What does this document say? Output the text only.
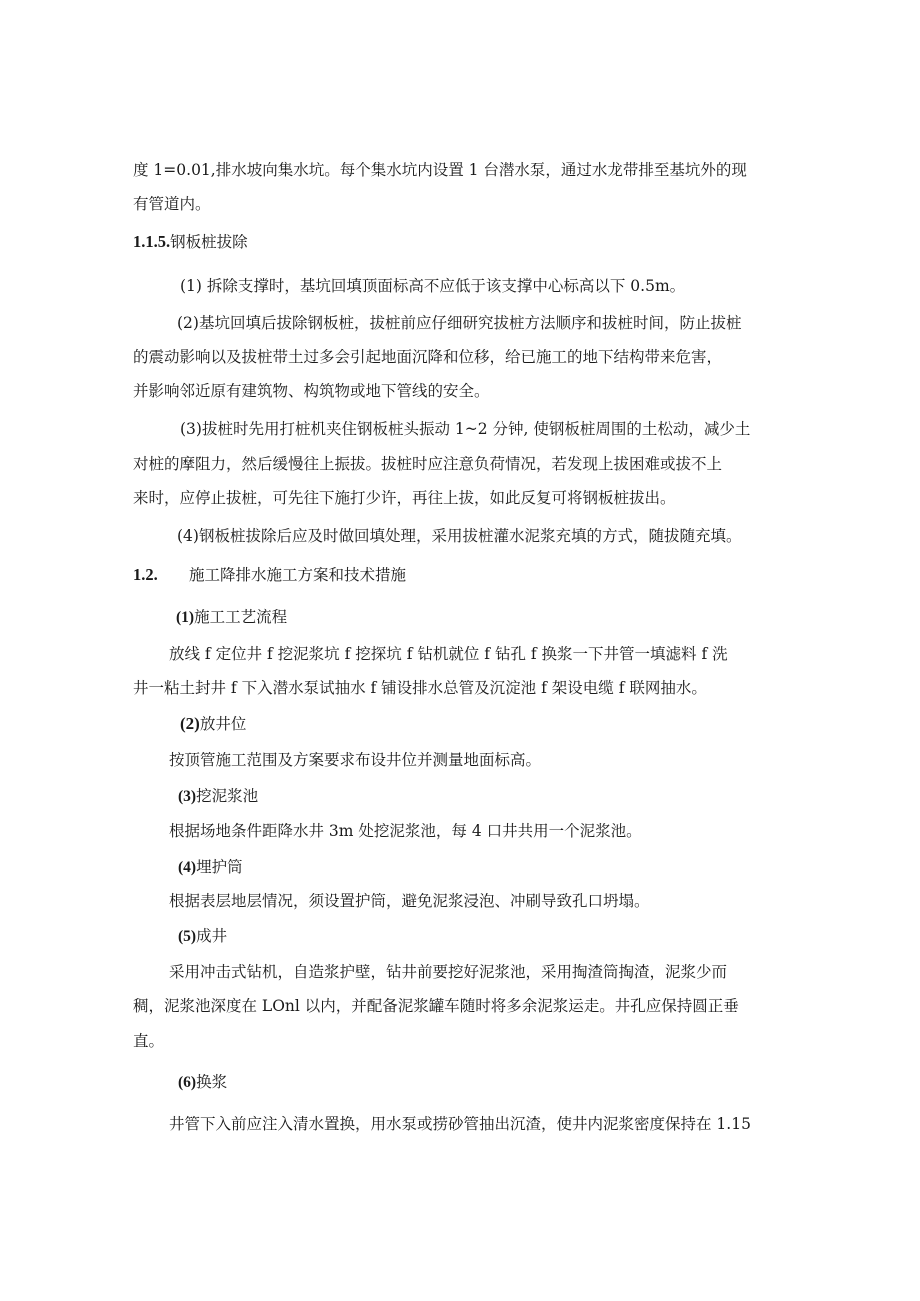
度 1=0.01,排水坡向集水坑。每个集水坑内设置 1 台潜水泵，通过水龙带排至基坑外的现
有管道内。
1.1.5.钢板桩拔除
(1) 拆除支撑时，基坑回填顶面标高不应低于该支撑中心标高以下 0.5m。
(2)基坑回填后拔除钢板桩，拔桩前应仔细研究拔桩方法顺序和拔桩时间，防止拔桩
的震动影响以及拔桩带土过多会引起地面沉降和位移，给已施工的地下结构带来危害，
并影响邻近原有建筑物、构筑物或地下管线的安全。
(3)拔桩时先用打桩机夹住钢板桩头振动 1~2 分钟, 使钢板桩周围的土松动，减少土
对桩的摩阻力，然后缓慢往上振拔。拔桩时应注意负荷情况，若发现上拔困难或拔不上
来时，应停止拔桩，可先往下施打少许，再往上拔，如此反复可将钢板桩拔出。
(4)钢板桩拔除后应及时做回填处理，采用拔桩灌水泥浆充填的方式，随拔随充填。
1.2. 施工降排水施工方案和技术措施
(1)施工工艺流程
放线 f 定位井 f 挖泥浆坑 f 挖探坑 f 钻机就位 f 钻孔 f 换浆一下井管一填滤料 f 洗
井一粘土封井 f 下入潜水泵试抽水 f 铺设排水总管及沉淀池 f 架设电缆 f 联网抽水。
(2)放井位
按顶管施工范围及方案要求布设井位并测量地面标高。
(3)挖泥浆池
根据场地条件距降水井 3m 处挖泥浆池，每 4 口井共用一个泥浆池。
(4)埋护筒
根据表层地层情况，须设置护筒，避免泥浆浸泡、冲刷导致孔口坍塌。
(5)成井
采用冲击式钻机，自造浆护壁，钻井前要挖好泥浆池，采用掏渣筒掏渣，泥浆少而
稠，泥浆池深度在 LOnl 以内，并配备泥浆罐车随时将多余泥浆运走。井孔应保持圆正垂
直。
(6)换浆
井管下入前应注入清水置换，用水泵或捞砂管抽出沉渣，使井内泥浆密度保持在 1.15
